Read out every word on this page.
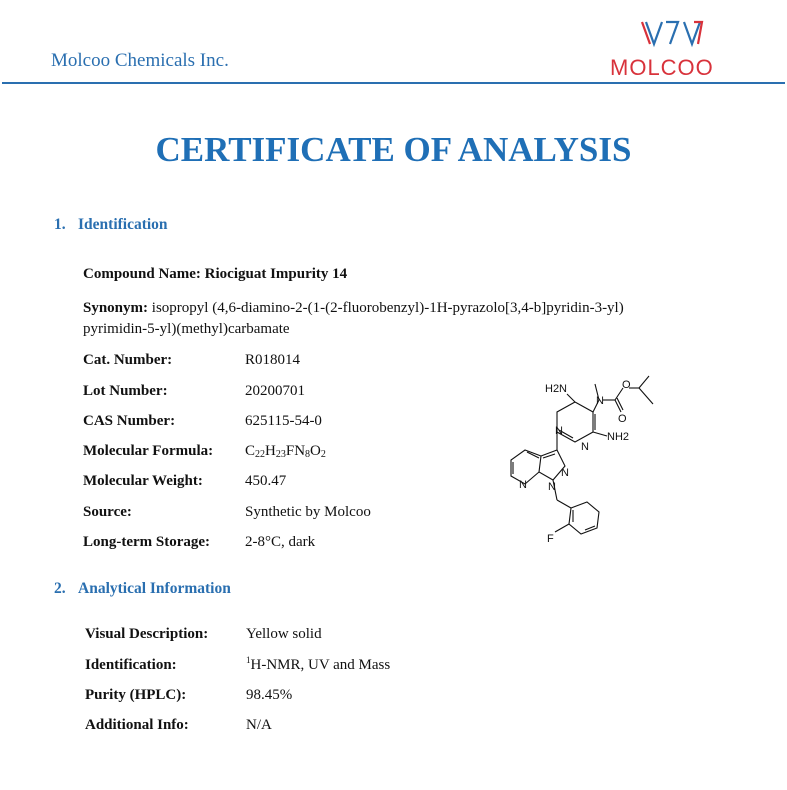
Molcoo Chemicals Inc.	MOLCOO
CERTIFICATE OF ANALYSIS
1. Identification
Compound Name: Riociguat Impurity 14
Synonym: isopropyl (4,6-diamino-2-(1-(2-fluorobenzyl)-1H-pyrazolo[3,4-b]pyridin-3-yl)
pyrimidin-5-yl)(methyl)carbamate
Cat. Number:	R018014
Lot Number:	20200701
CAS Number:	625115-54-0
Molecular Formula: $C_{22}H_{23}FN_8O_2$
Molecular Weight:	450.47
Source:	Synthetic by Molcoo
Long-term Storage: 2-8°C, dark
H2N
N
O
O
NH2
N
N
N
N
N
F
2. Analytical Information
Visual Description:	Yellow solid
Identification:	$^1$H-NMR, UV and Mass
Purity (HPLC):	98.45%
Additional Info:	N/A
